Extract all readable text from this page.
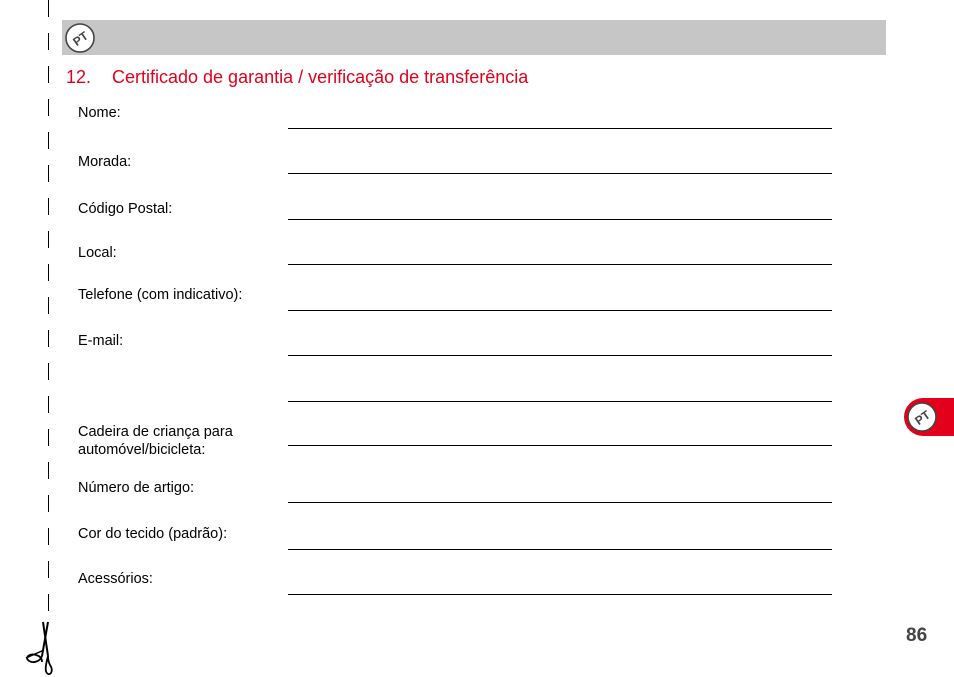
PT
12. Certificado de garantia / verificação de transferência
Nome:
Morada:
Código Postal:
Local:
Telefone (com indicativo):
E-mail:
Cadeira de criança para automóvel/bicicleta:
Número de artigo:
Cor do tecido (padrão):
Acessórios:
PT
86
